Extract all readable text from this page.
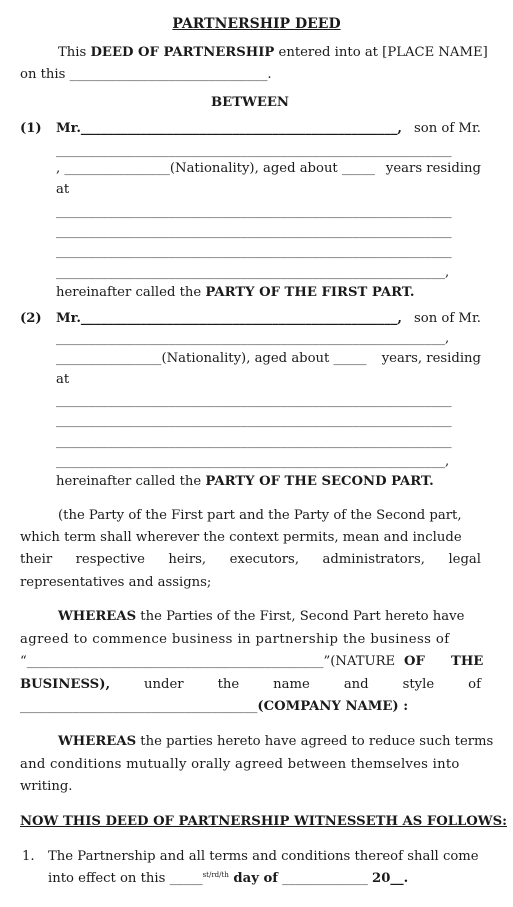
PARTNERSHIP DEED
This DEED OF PARTNERSHIP entered into at [PLACE NAME]
on this ______________________________.
BETWEEN
(1) Mr.________________________________________________, son of Mr.
____________________________________________________________
, ________________(Nationality), aged about _____ years residing
at
____________________________________________________________
____________________________________________________________
____________________________________________________________
___________________________________________________________,
hereinafter called the PARTY OF THE FIRST PART.
(2) Mr.________________________________________________, son of Mr.
___________________________________________________________,
________________(Nationality), aged about _____ years, residing
at
____________________________________________________________
____________________________________________________________
____________________________________________________________
___________________________________________________________,
hereinafter called the PARTY OF THE SECOND PART.
(the Party of the First part and the Party of the Second part,
which term shall wherever the context permits, mean and include
their respective heirs, executors, administrators, legal
representatives and assigns;
WHEREAS the Parties of the First, Second Part hereto have
agreed to commence business in partnership the business of
“_____________________________________________”(NATURE OF THE
BUSINESS),	under	the	name	and	style	of
____________________________________(COMPANY NAME) :
WHEREAS the parties hereto have agreed to reduce such terms
and conditions mutually orally agreed between themselves into
writing.
NOW THIS DEED OF PARTNERSHIP WITNESSETH AS FOLLOWS:
1. The Partnership and all terms and conditions thereof shall come
into effect on this _____$^{st/rd/th}$ day of _____________ 20__.
